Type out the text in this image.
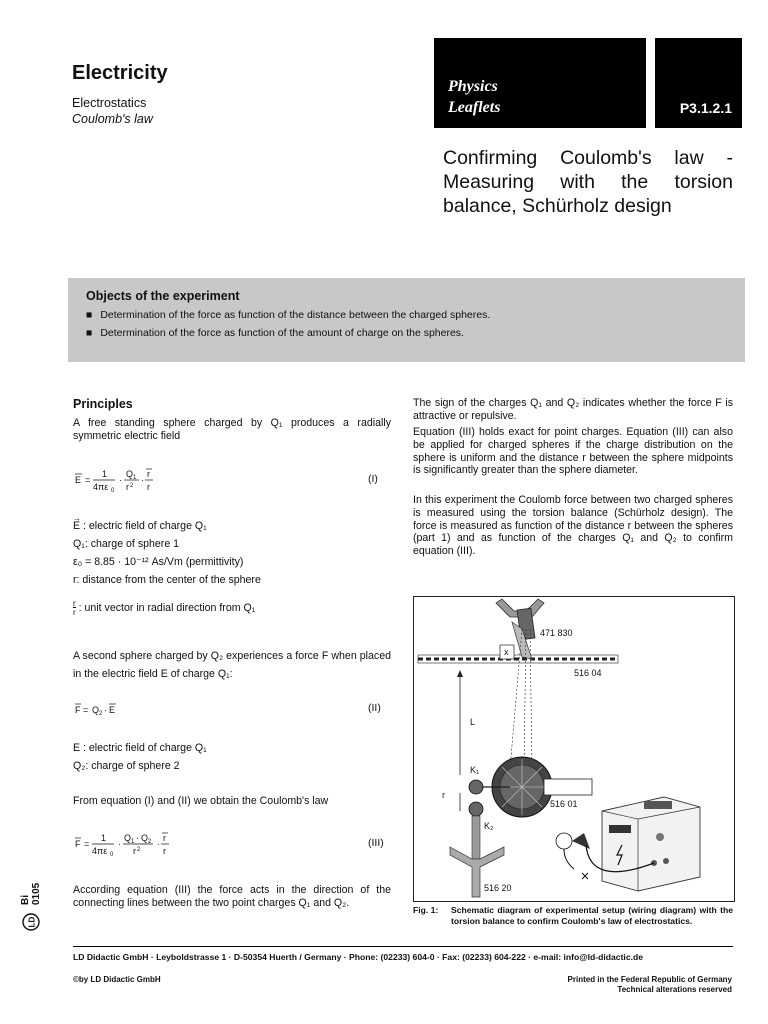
Electricity
Electrostatics
Coulomb's law
Physics
Leaflets	P3.1.2.1
Confirming Coulomb's law - Measuring with the torsion balance, Schürholz design
Objects of the experiment
■ Determination of the force as function of the distance between the charged spheres.
■ Determination of the force as function of the amount of charge on the spheres.
Principles
A free standing sphere charged by Q₁ produces a radially symmetric electric field
E =
1
4πε 0
·
Q 1
r 2
·
r
r
(I)
E
→
: electric field of charge Q₁
Q₁: charge of sphere 1
ε₀ = 8.85 · 10⁻¹² As/Vm (permittivity)
r: distance from the center of the sphere
r
r : unit vector in radial direction from Q₁
A second sphere charged by Q₂ experiences a force F when placed in the electric field E of charge Q₁:
F = Q 2 · E	(II)
E : electric field of charge Q₁
Q₂: charge of sphere 2
From equation (I) and (II) we obtain the Coulomb's law
F =
1
4πε 0
·
Q 1 · Q 2
r 2
·
r
r
(III)
According equation (III) the force acts in the direction of the connecting lines between the two point charges Q₁ and Q₂.
The sign of the charges Q₁ and Q₂ indicates whether the force F is attractive or repulsive.
Equation (III) holds exact for point charges. Equation (III) can also be applied for charged spheres if the charge distribution on the sphere is uniform and the distance r between the sphere midpoints is significantly greater than the sphere diameter.
In this experiment the Coulomb force between two charged spheres is measured using the torsion balance (Schürholz design). The force is measured as function of the distance r between the spheres (part 1) and as function of the charges Q₁ and Q₂ to confirm equation (III).
471 830
516 04
x
L
K₁
r
516 01
K₂
516 20
Fig. 1: Schematic diagram of experimental setup (wiring diagram) with the torsion balance to confirm Coulomb's law of electrostatics.
LD Didactic GmbH · Leyboldstrasse 1 · D-50354 Huerth / Germany · Phone: (02233) 604-0 · Fax: (02233) 604-222 · e-mail: info@ld-didactic.de
©by LD Didactic GmbH	Printed in the Federal Republic of Germany
Technical alterations reserved
Bi 0105
LD
